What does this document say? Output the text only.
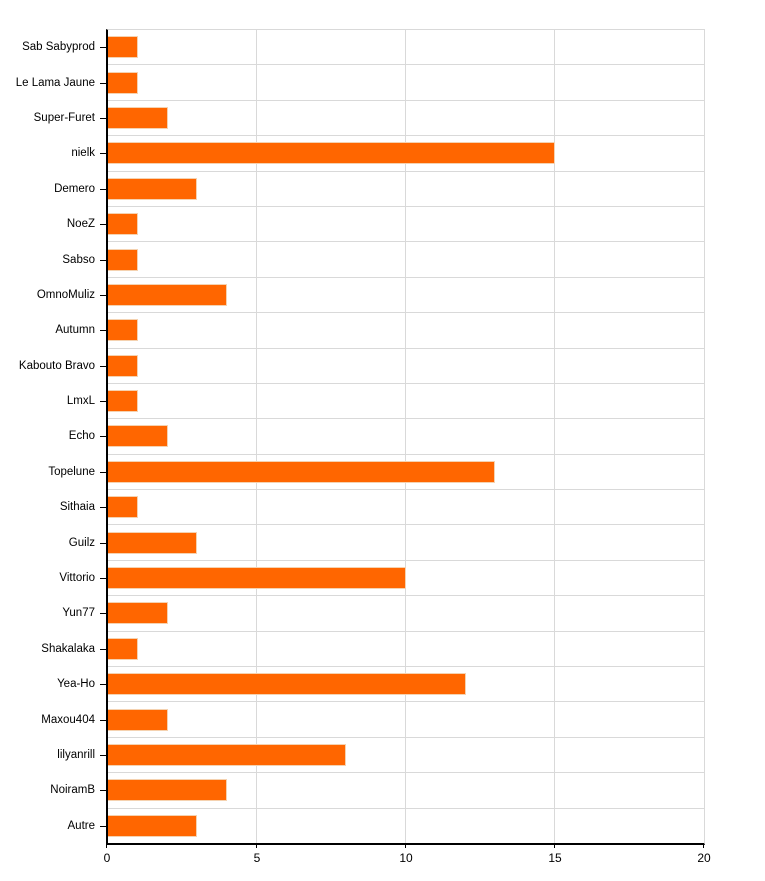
Sab Sabyprod
Le Lama Jaune
Super-Furet
nielk
Demero
NoeZ
Sabso
OmnoMuliz
Autumn
Kabouto Bravo
LmxL
Echo
Topelune
Sithaia
Guilz
Vittorio
Yun77
Shakalaka
Yea-Ho
Maxou404
lilyanrill
NoiramB
Autre
0	5	10	15	20
